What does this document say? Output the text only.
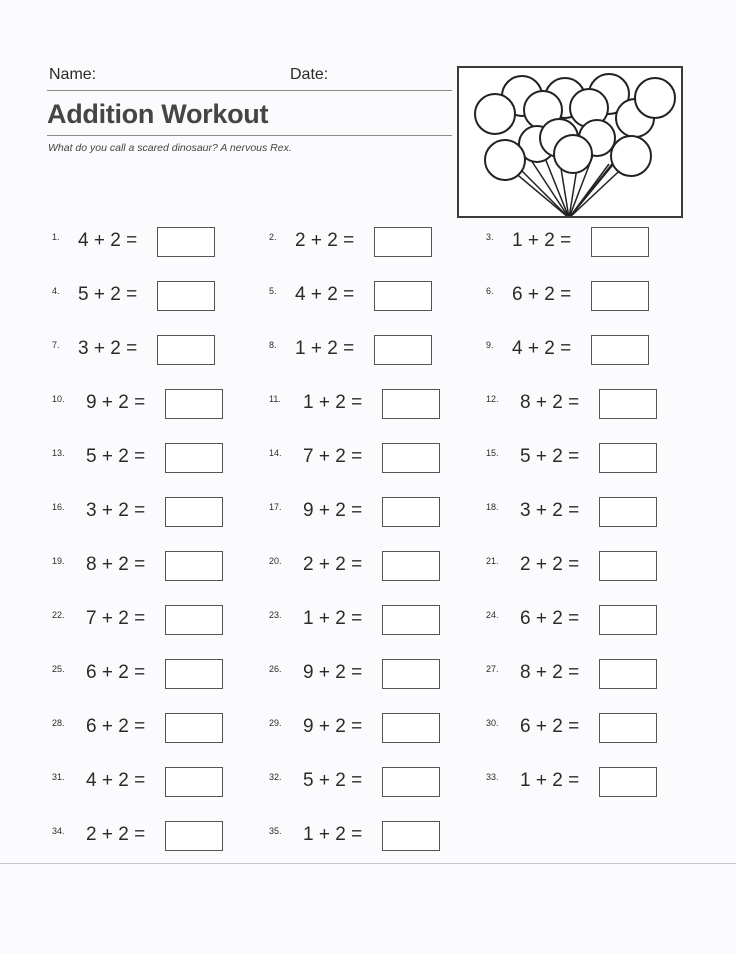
Name:	Date:
Addition Workout
What do you call a scared dinosaur? A nervous Rex.
1. 4 + 2 =	2. 2 + 2 =	3. 1 + 2 =
4. 5 + 2 =	5. 4 + 2 =	6. 6 + 2 =
7. 3 + 2 =	8. 1 + 2 =	9. 4 + 2 =
10. 9 + 2 =	11. 1 + 2 =	12. 8 + 2 =
13. 5 + 2 =	14. 7 + 2 =	15. 5 + 2 =
16. 3 + 2 =	17. 9 + 2 =	18. 3 + 2 =
19. 8 + 2 =	20. 2 + 2 =	21. 2 + 2 =
22. 7 + 2 =	23. 1 + 2 =	24. 6 + 2 =
25. 6 + 2 =	26. 9 + 2 =	27. 8 + 2 =
28. 6 + 2 =	29. 9 + 2 =	30. 6 + 2 =
31. 4 + 2 =	32. 5 + 2 =	33. 1 + 2 =
34. 2 + 2 =	35. 1 + 2 =
